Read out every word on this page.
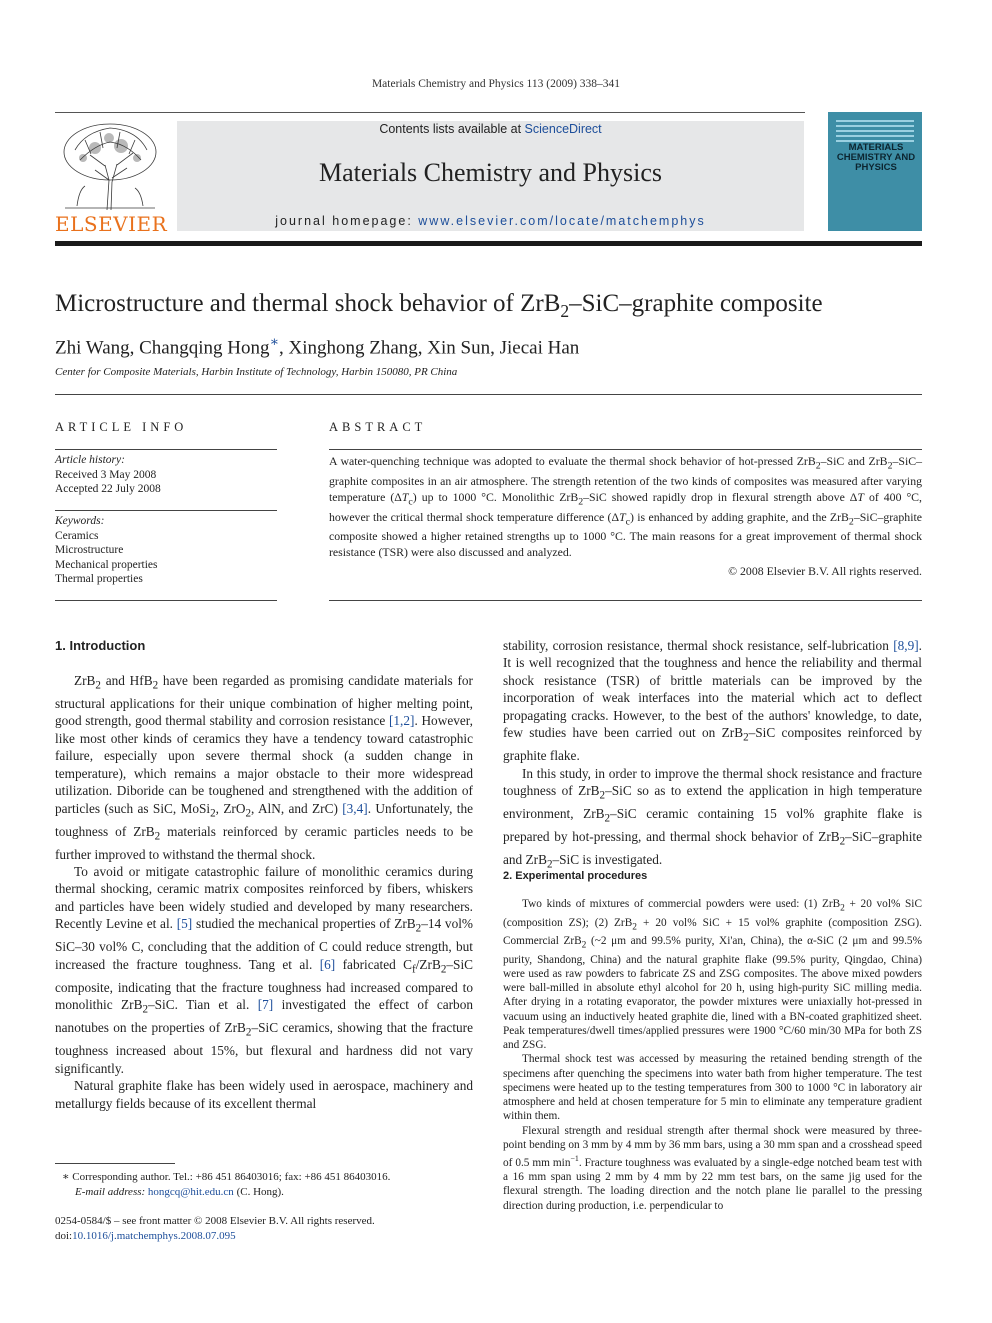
Materials Chemistry and Physics 113 (2009) 338–341
ELSEVIER
Contents lists available at ScienceDirect
Materials Chemistry and Physics
journal homepage: www.elsevier.com/locate/matchemphys
MATERIALS CHEMISTRY AND PHYSICS
Microstructure and thermal shock behavior of ZrB$_2$–SiC–graphite composite
Zhi Wang, Changqing Hong∗, Xinghong Zhang, Xin Sun, Jiecai Han
Center for Composite Materials, Harbin Institute of Technology, Harbin 150080, PR China
ARTICLE INFO
Article history:
Received 3 May 2008
Accepted 22 July 2008
Keywords:
Ceramics
Microstructure
Mechanical properties
Thermal properties
ABSTRACT
A water-quenching technique was adopted to evaluate the thermal shock behavior of hot-pressed ZrB$_2$–SiC and ZrB$_2$–SiC–graphite composites in an air atmosphere. The strength retention of the two kinds of composites was measured after varying temperature $(\Delta T_c)$ up to 1000 °C. Monolithic ZrB$_2$–SiC showed rapidly drop in flexural strength above ΔT of 400 °C, however the critical thermal shock temperature difference $(\Delta T_c)$ is enhanced by adding graphite, and the ZrB$_2$–SiC–graphite composite showed a higher retained strengths up to 1000 °C. The main reasons for a great improvement of thermal shock resistance (TSR) were also discussed and analyzed.
© 2008 Elsevier B.V. All rights reserved.
1. Introduction

ZrB$_2$ and HfB$_2$ have been regarded as promising candidate materials for structural applications for their unique combination of higher melting point, good strength, good thermal stability and corrosion resistance [1,2]. However, like most other kinds of ceramics they have a tendency toward catastrophic failure, especially upon severe thermal shock (a sudden change in temperature), which remains a major obstacle to their more widespread utilization. Diboride can be toughened and strengthened with the addition of particles (such as SiC, MoSi$_2$, ZrO$_2$, AlN, and ZrC) [3,4]. Unfortunately, the toughness of ZrB$_2$ materials reinforced by ceramic particles needs to be further improved to withstand the thermal shock.

To avoid or mitigate catastrophic failure of monolithic ceramics during thermal shocking, ceramic matrix composites reinforced by fibers, whiskers and particles have been widely studied and developed by many researchers. Recently Levine et al. [5] studied the mechanical properties of ZrB$_2$–14 vol% SiC–30 vol% C, concluding that the addition of C could reduce strength, but increased the fracture toughness. Tang et al. [6] fabricated $C_f/ZrB_2$–SiC composite, indicating that the fracture toughness had increased compared to monolithic ZrB$_2$–SiC. Tian et al. [7] investigated the effect of carbon nanotubes on the properties of ZrB$_2$–SiC ceramics, showing that the fracture toughness increased about 15%, but flexural and hardness did not vary significantly.

Natural graphite flake has been widely used in aerospace, machinery and metallurgy fields because of its excellent thermal

∗ Corresponding author. Tel.: +86 451 86403016; fax: +86 451 86403016.
E-mail address: hongcq@hit.edu.cn (C. Hong).
0254-0584/$ – see front matter © 2008 Elsevier B.V. All rights reserved.
doi:10.1016/j.matchemphys.2008.07.095

stability, corrosion resistance, thermal shock resistance, self-lubrication [8,9]. It is well recognized that the toughness and hence the reliability and thermal shock resistance (TSR) of brittle materials can be improved by the incorporation of weak interfaces into the material which act to deflect propagating cracks. However, to the best of the authors' knowledge, to date, few studies have been carried out on ZrB$_2$–SiC composites reinforced by graphite flake.

In this study, in order to improve the thermal shock resistance and fracture toughness of ZrB$_2$–SiC so as to extend the application in high temperature environment, ZrB$_2$–SiC ceramic containing 15 vol% graphite flake is prepared by hot-pressing, and thermal shock behavior of ZrB$_2$–SiC–graphite and ZrB$_2$–SiC is investigated.

2. Experimental procedures

Two kinds of mixtures of commercial powders were used: (1) ZrB$_2$ + 20 vol% SiC (composition ZS); (2) ZrB$_2$ + 20 vol% SiC + 15 vol% graphite (composition ZSG). Commercial ZrB$_2$ (~2 μm and 99.5% purity, Xi'an, China), the α-SiC (2 μm and 99.5% purity, Shandong, China) and the natural graphite flake (99.5% purity, Qingdao, China) were used as raw powders to fabricate ZS and ZSG composites. The above mixed powders were ball-milled in absolute ethyl alcohol for 20 h, using high-purity SiC milling media. After drying in a rotating evaporator, the powder mixtures were uniaxially hot-pressed in vacuum using an inductively heated graphite die, lined with a BN-coated graphitized sheet. Peak temperatures/dwell times/applied pressures were 1900 °C/60 min/30 MPa for both ZS and ZSG.

Thermal shock test was accessed by measuring the retained bending strength of the specimens after quenching the specimens into water bath from higher temperature. The test specimens were heated up to the testing temperatures from 300 to 1000 °C in laboratory air atmosphere and held at chosen temperature for 5 min to eliminate any temperature gradient within them.

Flexural strength and residual strength after thermal shock were measured by three-point bending on 3 mm by 4 mm by 36 mm bars, using a 30 mm span and a crosshead speed of 0.5 mm $\min^{-1}$. Fracture toughness was evaluated by a single-edge notched beam test with a 16 mm span using 2 mm by 4 mm by 22 mm test bars, on the same jig used for the flexural strength. The loading direction and the notch plane lie parallel to the pressing direction during production, i.e. perpendicular to
